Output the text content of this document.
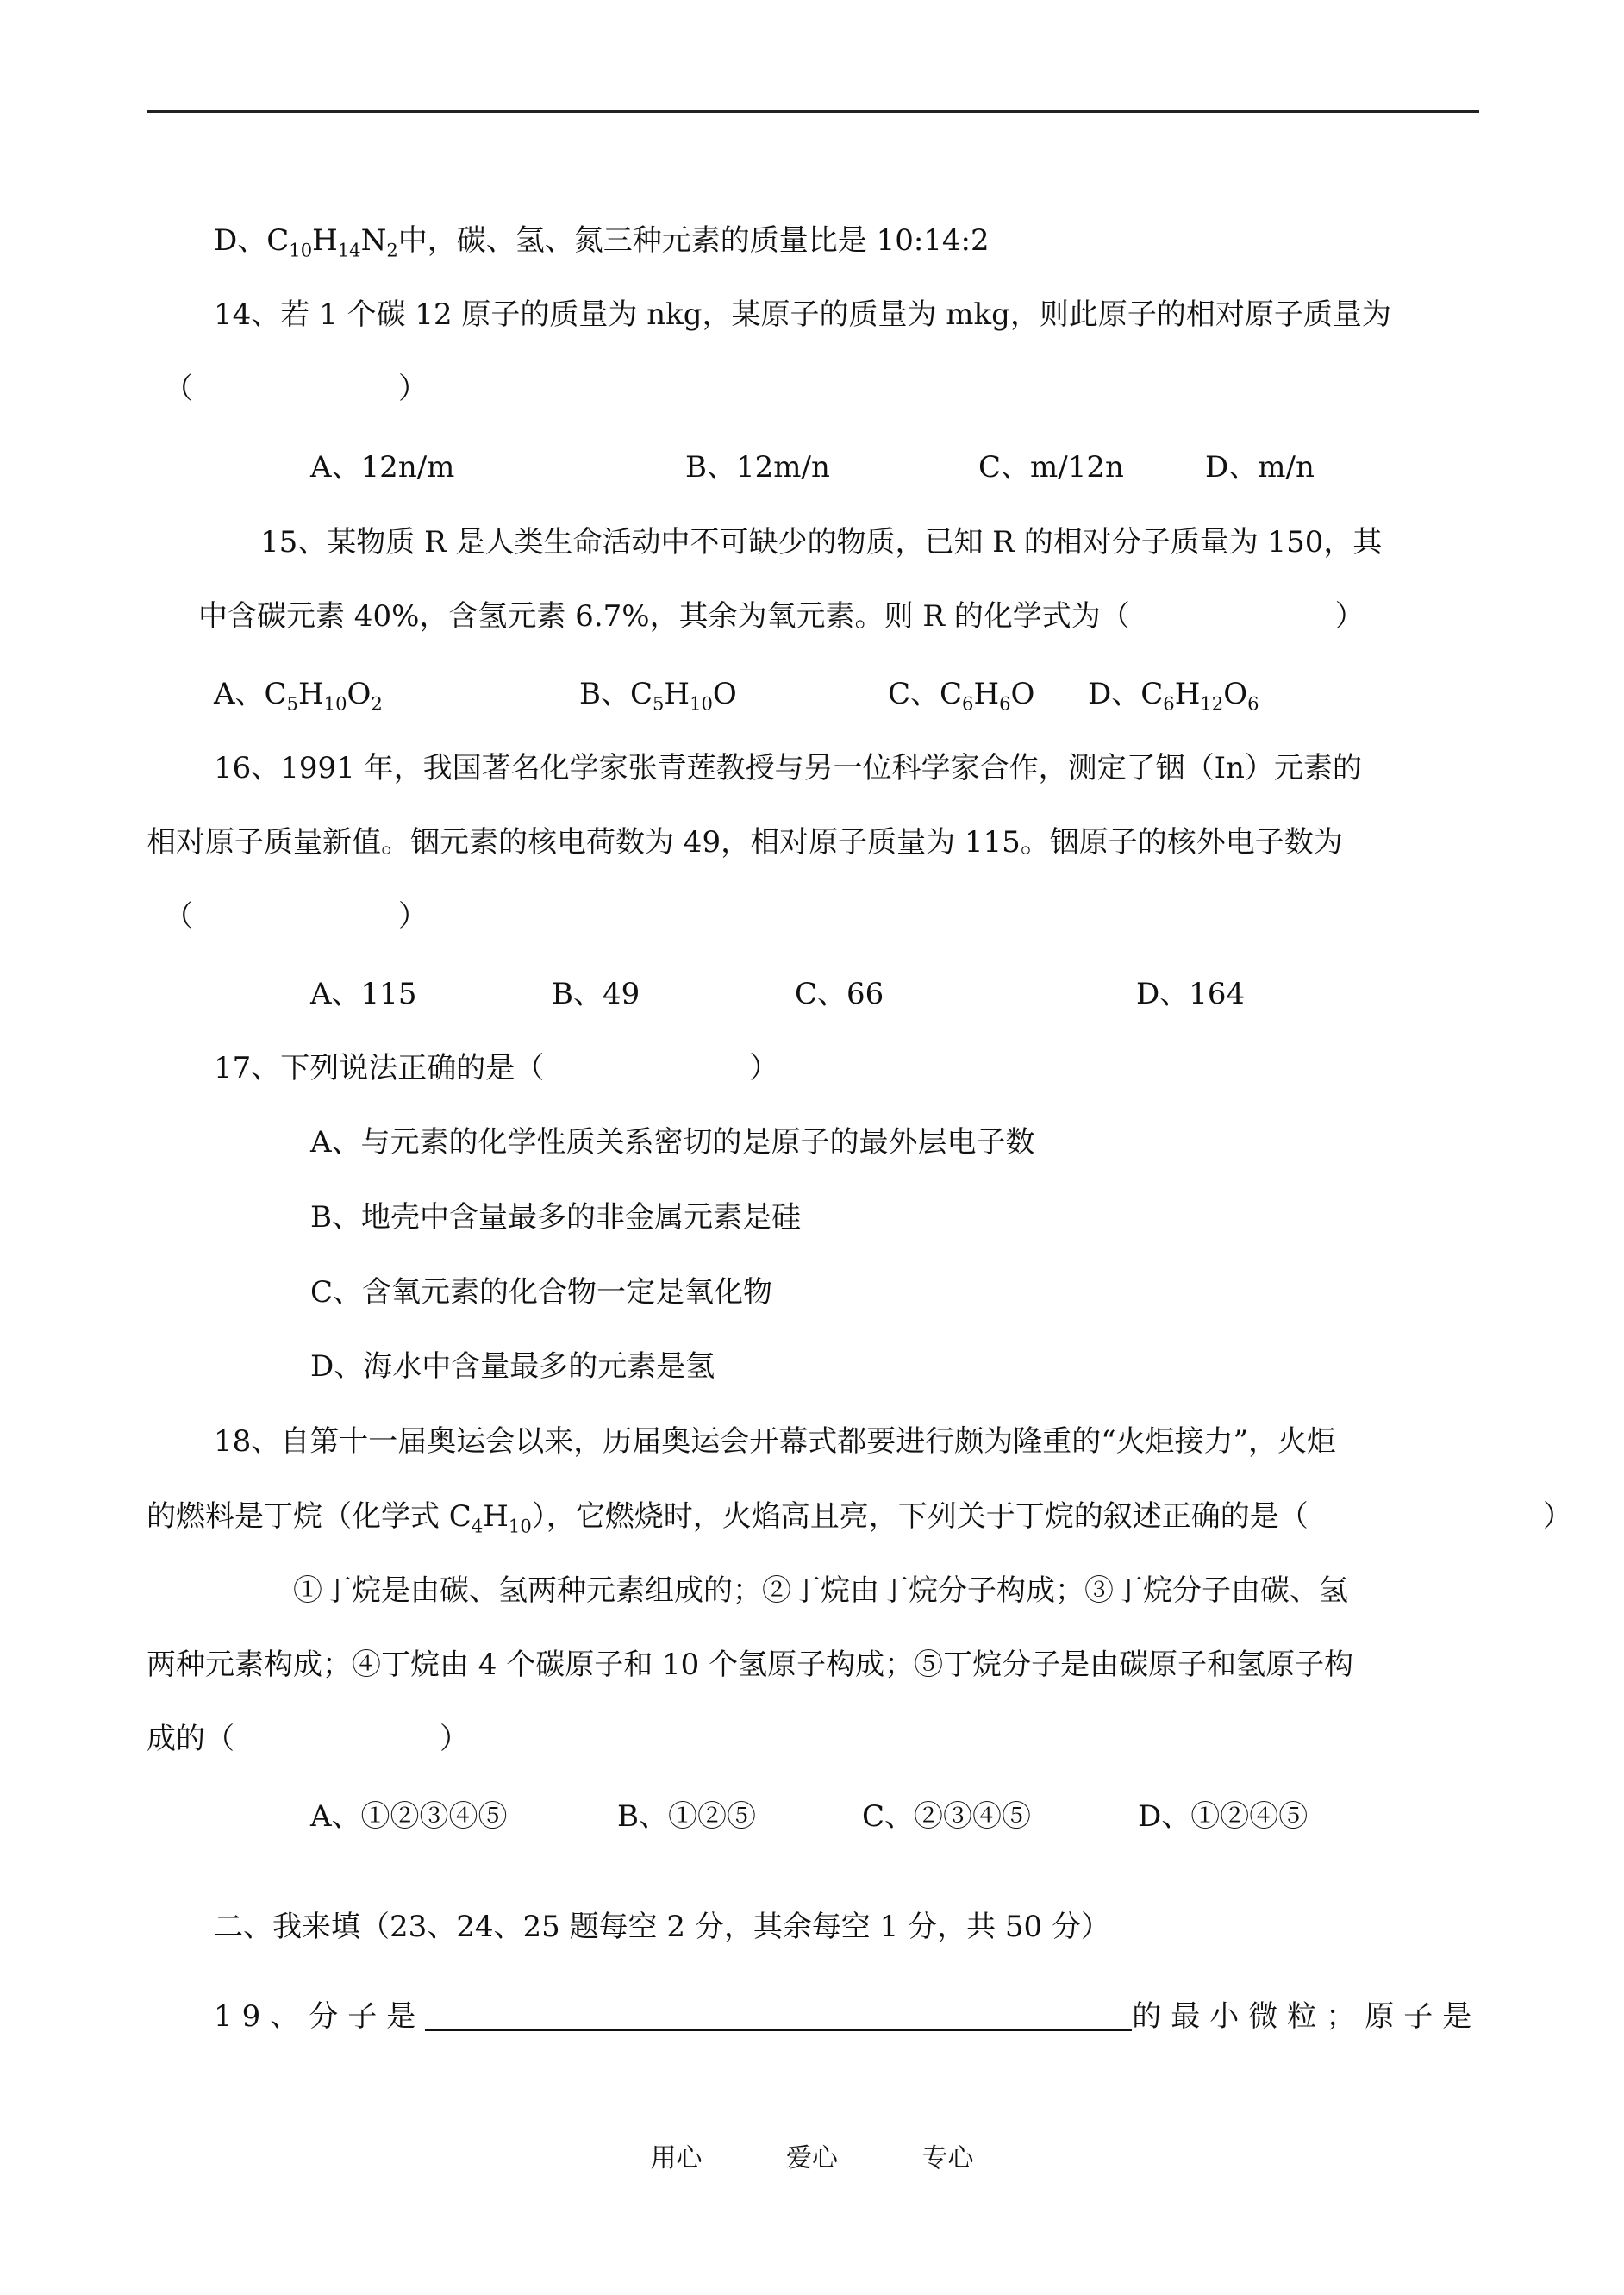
D、$C_{10}H_{14}N_2$中，碳、氢、氮三种元素的质量比是 10:14:2
14、若 1 个碳 12 原子的质量为 nkg，某原子的质量为 mkg，则此原子的相对原子质量为
（　　　　　　　）
A、12n/m	B、12m/n	C、m/12n	D、m/n
15、某物质 R 是人类生命活动中不可缺少的物质，已知 R 的相对分子质量为 150，其
中含碳元素 40%，含氢元素 6.7%，其余为氧元素。则 R 的化学式为（　　　　　　　）
A、$C_5H_{10}O_2$	B、$C_5H_{10}O$	C、$C_6H_6O$ D、$C_6H_{12}O_6$
16、1991 年，我国著名化学家张青莲教授与另一位科学家合作，测定了铟（In）元素的
相对原子质量新值。铟元素的核电荷数为 49，相对原子质量为 115。铟原子的核外电子数为
（　　　　　　　）
A、115	B、49	C、66	D、164
17、下列说法正确的是（　　　　　　　）
A、与元素的化学性质关系密切的是原子的最外层电子数
B、地壳中含量最多的非金属元素是硅
C、含氧元素的化合物一定是氧化物
D、海水中含量最多的元素是氢
18、自第十一届奥运会以来，历届奥运会开幕式都要进行颇为隆重的“火炬接力”，火炬
的燃料是丁烷（化学式 $C_4H_{10}$），它燃烧时，火焰高且亮，下列关于丁烷的叙述正确的是（	）
①丁烷是由碳、氢两种元素组成的；②丁烷由丁烷分子构成；③丁烷分子由碳、氢
两种元素构成；④丁烷由 4 个碳原子和 10 个氢原子构成；⑤丁烷分子是由碳原子和氢原子构
成的（　　　　　　　）
A、①②③④⑤	B、①②⑤	C、②③④⑤	D、①②④⑤
二、我来填（23、24、25 题每空 2 分，其余每空 1 分，共 50 分）
19、分子是	的最小微粒；原子是
用心	爱心	专心
